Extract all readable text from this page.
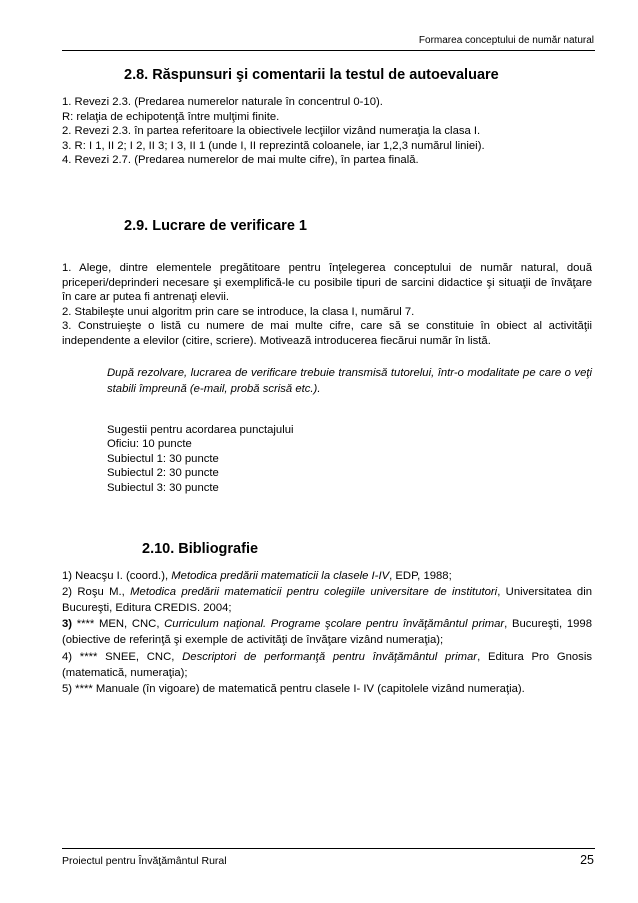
Formarea conceptului de număr natural
2.8. Răspunsuri şi comentarii la testul de autoevaluare

1. Revezi 2.3. (Predarea numerelor naturale în concentrul 0-10).

R: relaţia de echipotenţă între mulţimi finite.

2. Revezi 2.3. în partea referitoare la obiectivele lecţiilor vizând numeraţia la clasa I.

3. R: I 1, II 2; I 2, II 3; I 3, II 1 (unde I, II reprezintă coloanele, iar 1,2,3 numărul liniei).

4. Revezi 2.7. (Predarea numerelor de mai multe cifre), în partea finală.

2.9. Lucrare de verificare 1

1. Alege, dintre elementele pregătitoare pentru înţelegerea conceptului de număr natural, două priceperi/deprinderi necesare şi exemplifică-le cu posibile tipuri de sarcini didactice şi situaţii de învăţare în care ar putea fi antrenaţi elevii.

2. Stabileşte unui algoritm prin care se introduce, la clasa I, numărul 7.

3. Construieşte o listă cu numere de mai multe cifre, care să se constituie în obiect al activităţii independente a elevilor (citire, scriere). Motivează introducerea fiecărui număr în listă.

După rezolvare, lucrarea de verificare trebuie transmisă tutorelui, într-o modalitate pe care o veţi stabili împreună (e-mail, probă scrisă etc.).

Sugestii pentru acordarea punctajului
Oficiu: 10 puncte
Subiectul 1: 30 puncte
Subiectul 2: 30 puncte
Subiectul 3: 30 puncte
2.10. Bibliografie

1) Neacşu I. (coord.), Metodica predării matematicii la clasele I-IV, EDP, 1988;

2) Roşu M., Metodica predării matematicii pentru colegiile universitare de institutori, Universitatea din Bucureşti, Editura CREDIS. 2004;

3) **** MEN, CNC, Curriculum naţional. Programe şcolare pentru învăţământul primar, Bucureşti, 1998 (obiective de referinţă şi exemple de activităţi de învăţare vizând numeraţia);

4) **** SNEE, CNC, Descriptori de performanţă pentru învăţământul primar, Editura Pro Gnosis (matematică, numeraţia);

5) **** Manuale (în vigoare) de matematică pentru clasele I- IV (capitolele vizând numeraţia).

Proiectul pentru Învăţământul Rural	25
